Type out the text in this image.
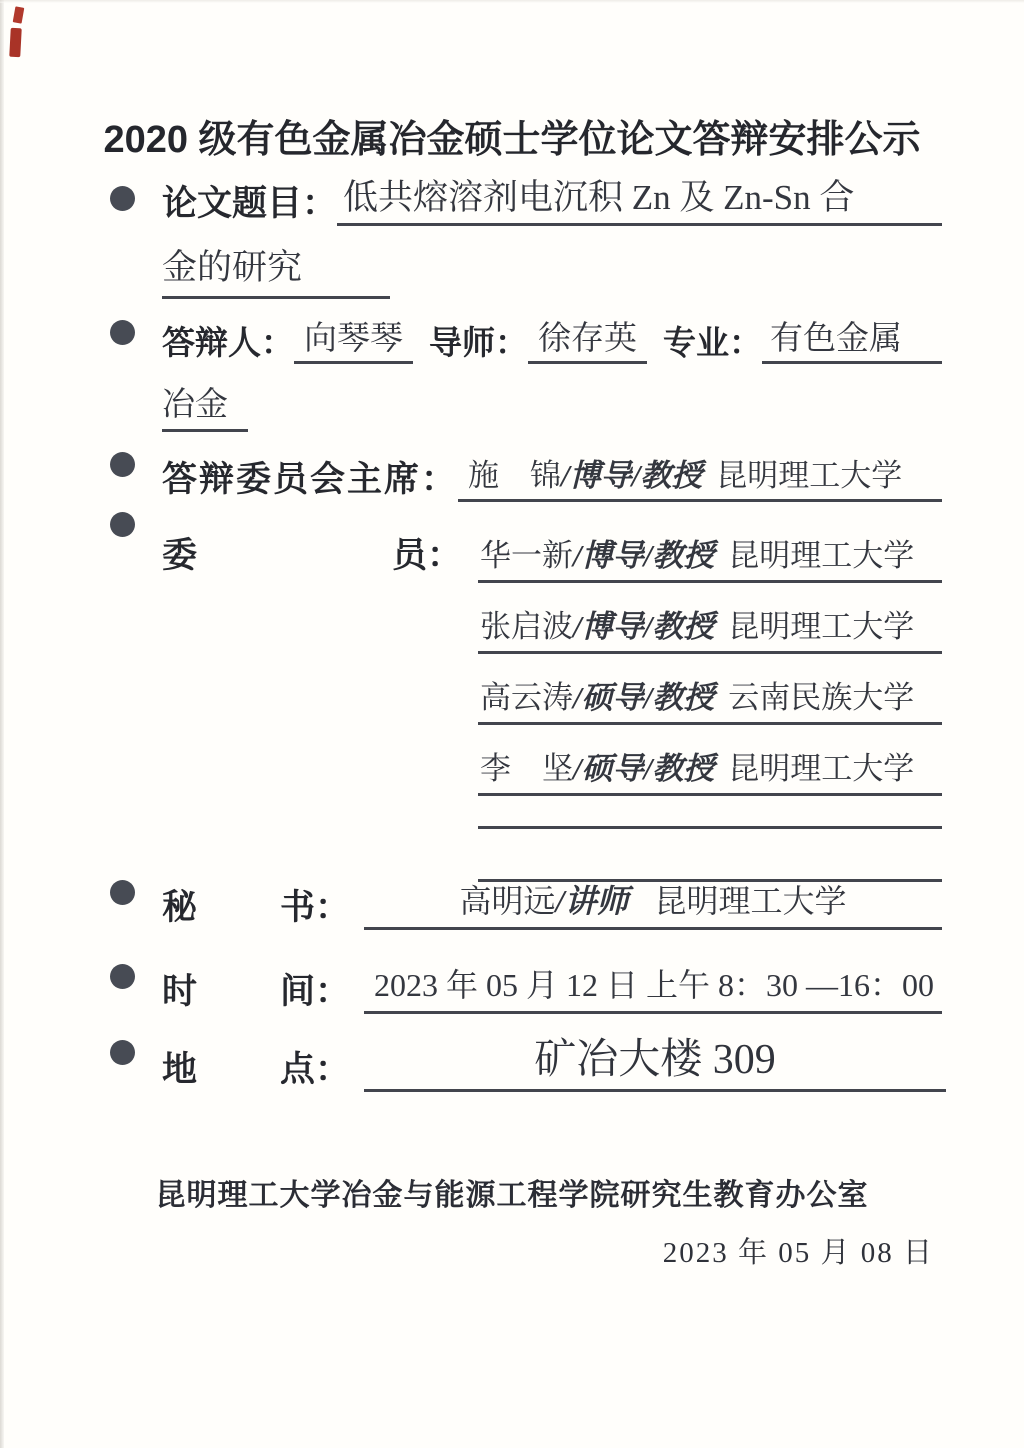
2020 级有色金属冶金硕士学位论文答辩安排公示
论文题目： 低共熔溶剂电沉积 Zn 及 Zn-Sn 合
金的研究
答辩人： 向琴琴 导师： 徐存英 专业： 有色金属
冶金
答辩委员会主席： 施　锦/博导/教授 昆明理工大学
委	员： 华一新/博导/教授 昆明理工大学
张启波/博导/教授 昆明理工大学
高云涛/硕导/教授 云南民族大学
李　坚/硕导/教授 昆明理工大学
秘 书：	高明远/讲师 昆明理工大学
时 间： 2023 年 05 月 12 日 上午 8：30 —16：00
地 点：	矿冶大楼 309
昆明理工大学冶金与能源工程学院研究生教育办公室
2023 年 05 月 08 日
